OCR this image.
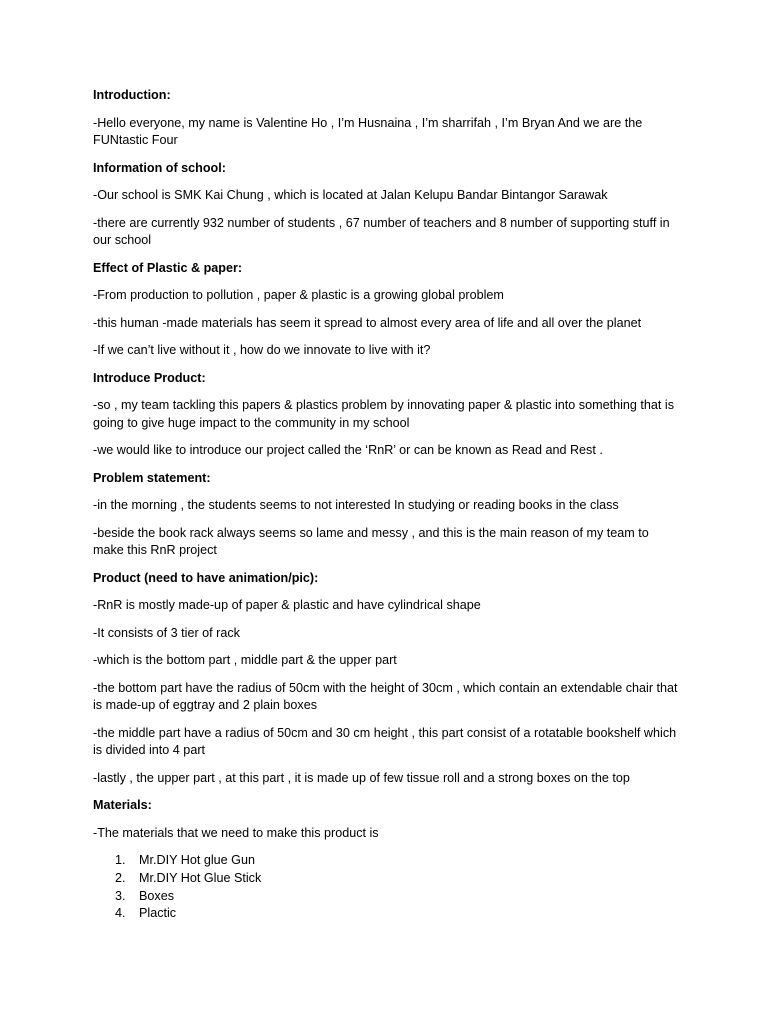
Introduction:
-Hello everyone, my name is Valentine Ho , I’m Husnaina , I’m sharrifah , I’m Bryan And we are the FUNtastic Four
Information of school:
-Our school is SMK Kai Chung , which is located at Jalan Kelupu Bandar Bintangor Sarawak
-there are currently 932 number of students , 67 number of teachers and 8 number of supporting stuff in our school
Effect of Plastic & paper:
-From production to pollution , paper & plastic is a growing global problem
-this human -made materials has seem it spread to almost every area of life and all over the planet
-If we can’t live without it , how do we innovate to live with it?
Introduce Product:
-so , my team tackling this papers & plastics problem by innovating paper & plastic into something that is going to give huge impact to the community in my school
-we would like to introduce our project called the ‘RnR’ or can be known as Read and Rest .
Problem statement:
-in the morning , the students seems to not interested In studying or reading books in the class
-beside the book rack always seems so lame and messy , and this is the main reason of my team to make this RnR project
Product (need to have animation/pic):
-RnR is mostly made-up of paper & plastic and have cylindrical shape
-It consists of 3 tier of rack
-which is the bottom part , middle part & the upper part
-the bottom part have the radius of 50cm with the height of 30cm , which contain an extendable chair that is made-up of eggtray and 2 plain boxes
-the middle part have a radius of 50cm and 30 cm height , this part consist of a rotatable bookshelf which is divided into 4 part
-lastly , the upper part , at this part , it is made up of few tissue roll and a strong boxes on the top
Materials:
-The materials that we need to make this product is
1. Mr.DIY Hot glue Gun
2. Mr.DIY Hot Glue Stick
3. Boxes
4. Plactic
